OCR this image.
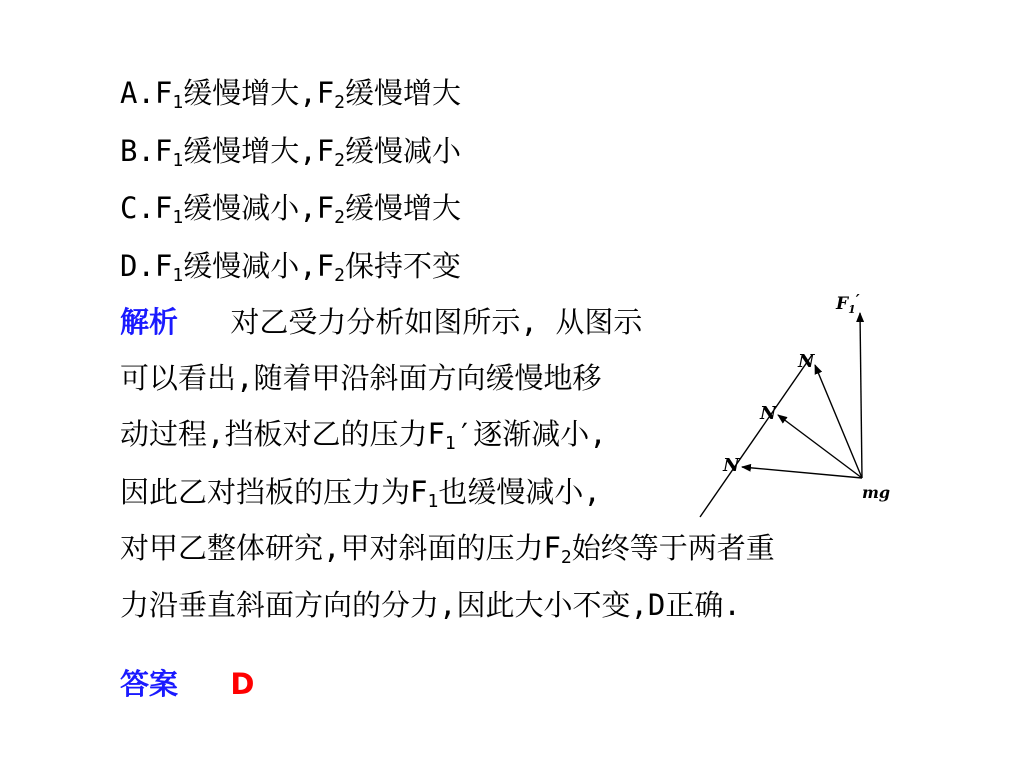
$A.F_1$缓慢增大$,F_2$缓慢增大
$B.F_1$缓慢增大$,F_2$缓慢减小
$C.F_1$缓慢减小$,F_2$缓慢增大
$D.F_1$缓慢减小$,F_2$保持不变
解析 对乙受力分析如图所示, 从图示
可以看出,随着甲沿斜面方向缓慢地移
动过程,挡板对乙的压力$F_1'$逐渐减小,
因此乙对挡板的压力为$F_1$也缓慢减小,
对甲乙整体研究,甲对斜面的压力$F_2$始终等于两者重
力沿垂直斜面方向的分力,因此大小不变,D正确.
答案 D
$F_1'$
N
N
N
mg
